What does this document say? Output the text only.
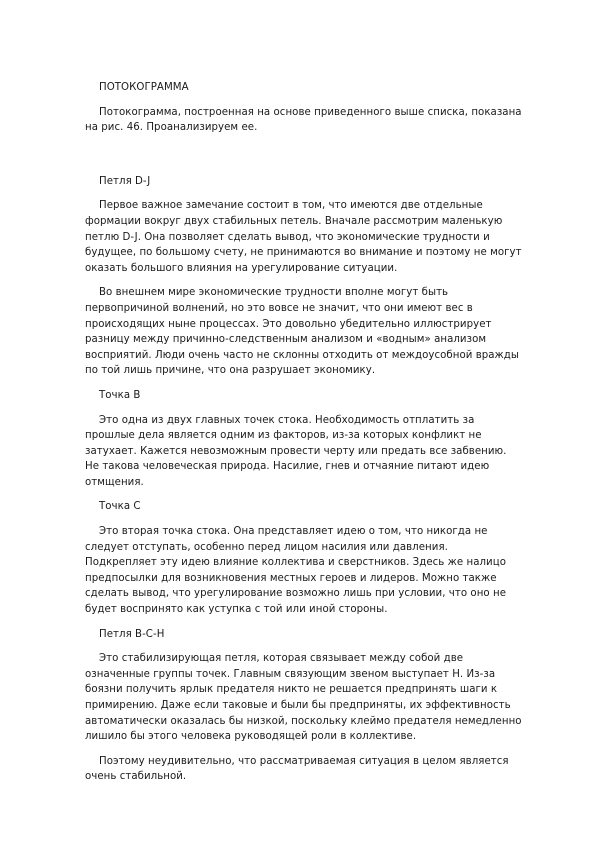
ПОТОКОГРАММА
Потокограмма, построенная на основе приведенного выше списка, показана
на рис. 46. Проанализируем ее.
Петля D-J
Первое важное замечание состоит в том, что имеются две отдельные
формации вокруг двух стабильных петель. Вначале рассмотрим маленькую
петлю D-J. Она позволяет сделать вывод, что экономические трудности и
будущее, по большому счету, не принимаются во внимание и поэтому не могут
оказать большого влияния на урегулирование ситуации.
Во внешнем мире экономические трудности вполне могут быть
первопричиной волнений, но это вовсе не значит, что они имеют вес в
происходящих ныне процессах. Это довольно убедительно иллюстрирует
разницу между причинно-следственным анализом и «водным» анализом
восприятий. Люди очень часто не склонны отходить от междоусобной вражды
по той лишь причине, что она разрушает экономику.
Точка В
Это одна из двух главных точек стока. Необходимость отплатить за
прошлые дела является одним из факторов, из-за которых конфликт не
затухает. Кажется невозможным провести черту или предать все забвению.
Не такова человеческая природа. Насилие, гнев и отчаяние питают идею
отмщения.
Точка С
Это вторая точка стока. Она представляет идею о том, что никогда не
следует отступать, особенно перед лицом насилия или давления.
Подкрепляет эту идею влияние коллектива и сверстников. Здесь же налицо
предпосылки для возникновения местных героев и лидеров. Можно также
сделать вывод, что урегулирование возможно лишь при условии, что оно не
будет воспринято как уступка с той или иной стороны.
Петля В-С-Н
Это стабилизирующая петля, которая связывает между собой две
означенные группы точек. Главным связующим звеном выступает Н. Из-за
боязни получить ярлык предателя никто не решается предпринять шаги к
примирению. Даже если таковые и были бы предприняты, их эффективность
автоматически оказалась бы низкой, поскольку клеймо предателя немедленно
лишило бы этого человека руководящей роли в коллективе.
Поэтому неудивительно, что рассматриваемая ситуация в целом является
очень стабильной.
